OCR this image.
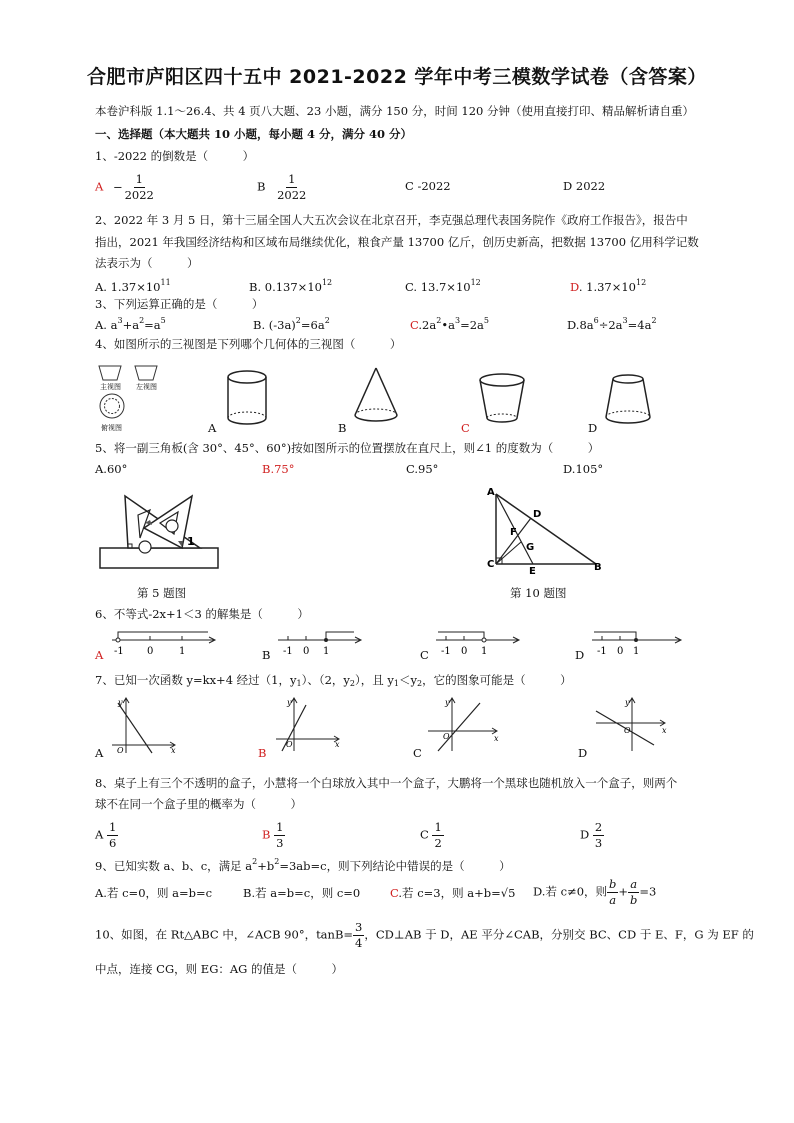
合肥市庐阳区四十五中 2021-2022 学年中考三模数学试卷（含答案）
本卷沪科版 1.1～26.4、共 4 页八大题、23 小题，满分 150 分，时间 120 分钟（使用直接打印、精品解析请自重）
一、选择题（本大题共 10 小题，每小题 4 分，满分 40 分）
1、-2022 的倒数是（　　　）
$A - \frac{1}{2022}$	B $\frac{1}{2022}$	C -2022	D 2022
2、2022 年 3 月 5 日，第十三届全国人大五次会议在北京召开，李克强总理代表国务院作《政府工作报告》，报告中
指出，2021 年我国经济结构和区域布局继续优化，粮食产量 13700 亿斤，创历史新高，把数据 13700 亿用科学记数
法表示为（　　　）
A. $1.37\times 10^{11}$	B. $0.137\times 10^{12}$	C. $13.7\times 10^{12}$	D. $1.37\times 10^{12}$
3、下列运算正确的是（　　　）
A. $a^3+a^2=a^5$	B. $(-3a)^2=6a^2$	$C.2a^2•a^3=2a^5$	$D.8a^6\div 2a^3=4a^2$
4、如图所示的三视图是下列哪个几何体的三视图（　　　）
主视图 左视图
俯视图	A	B	C	D
5、将一副三角板(含 30°、45°、60°)按如图所示的位置摆放在直尺上，则∠1 的度数为（　　　）
A.60°	B.75°	C.95°	D.105°
1
第 5 题图
A
D
F
G
C
E	B
第 10 题图
6、不等式-2x+1＜3 的解集是（　　　）
A -1 0	1	B -1 0 1	C -1 0 1	D -1 0 1
7、已知一次函数 y=kx+4 经过（1，$y_1$）、（2，$y_2$），且 $y_1<y_2$，它的图象可能是（　　　）
x
y
O
A
x
y
O
B
x
y
O
C
x
y
O
D
8、桌子上有三个不透明的盒子，小慧将一个白球放入其中一个盒子，大鹏将一个黑球也随机放入一个盒子，则两个
球不在同一个盒子里的概率为（　　　）
A $\frac{1}{6}$	B $\frac{1}{3}$	C $\frac{1}{2}$	D $\frac{2}{3}$
9、已知实数 a、b、c，满足 $a^2+b^2=3ab=c$，则下列结论中错误的是（　　　）
A.若 c=0，则 a=b=c	B.若 a=b=c，则 c=0	C.若 c=3，则 a+b=√5 D.若 c≠0，则 $\frac{b}{a} + \frac{a}{b} =3$
10、如图，在 Rt△ABC 中，∠ACB 90°，$\tan B= \frac{3}{4}$ ，CD⊥AB 于 D，AE 平分∠CAB，分别交 BC、CD 于 E、F，G 为 EF 的
中点，连接 CG，则 EG：AG 的值是（　　　）
